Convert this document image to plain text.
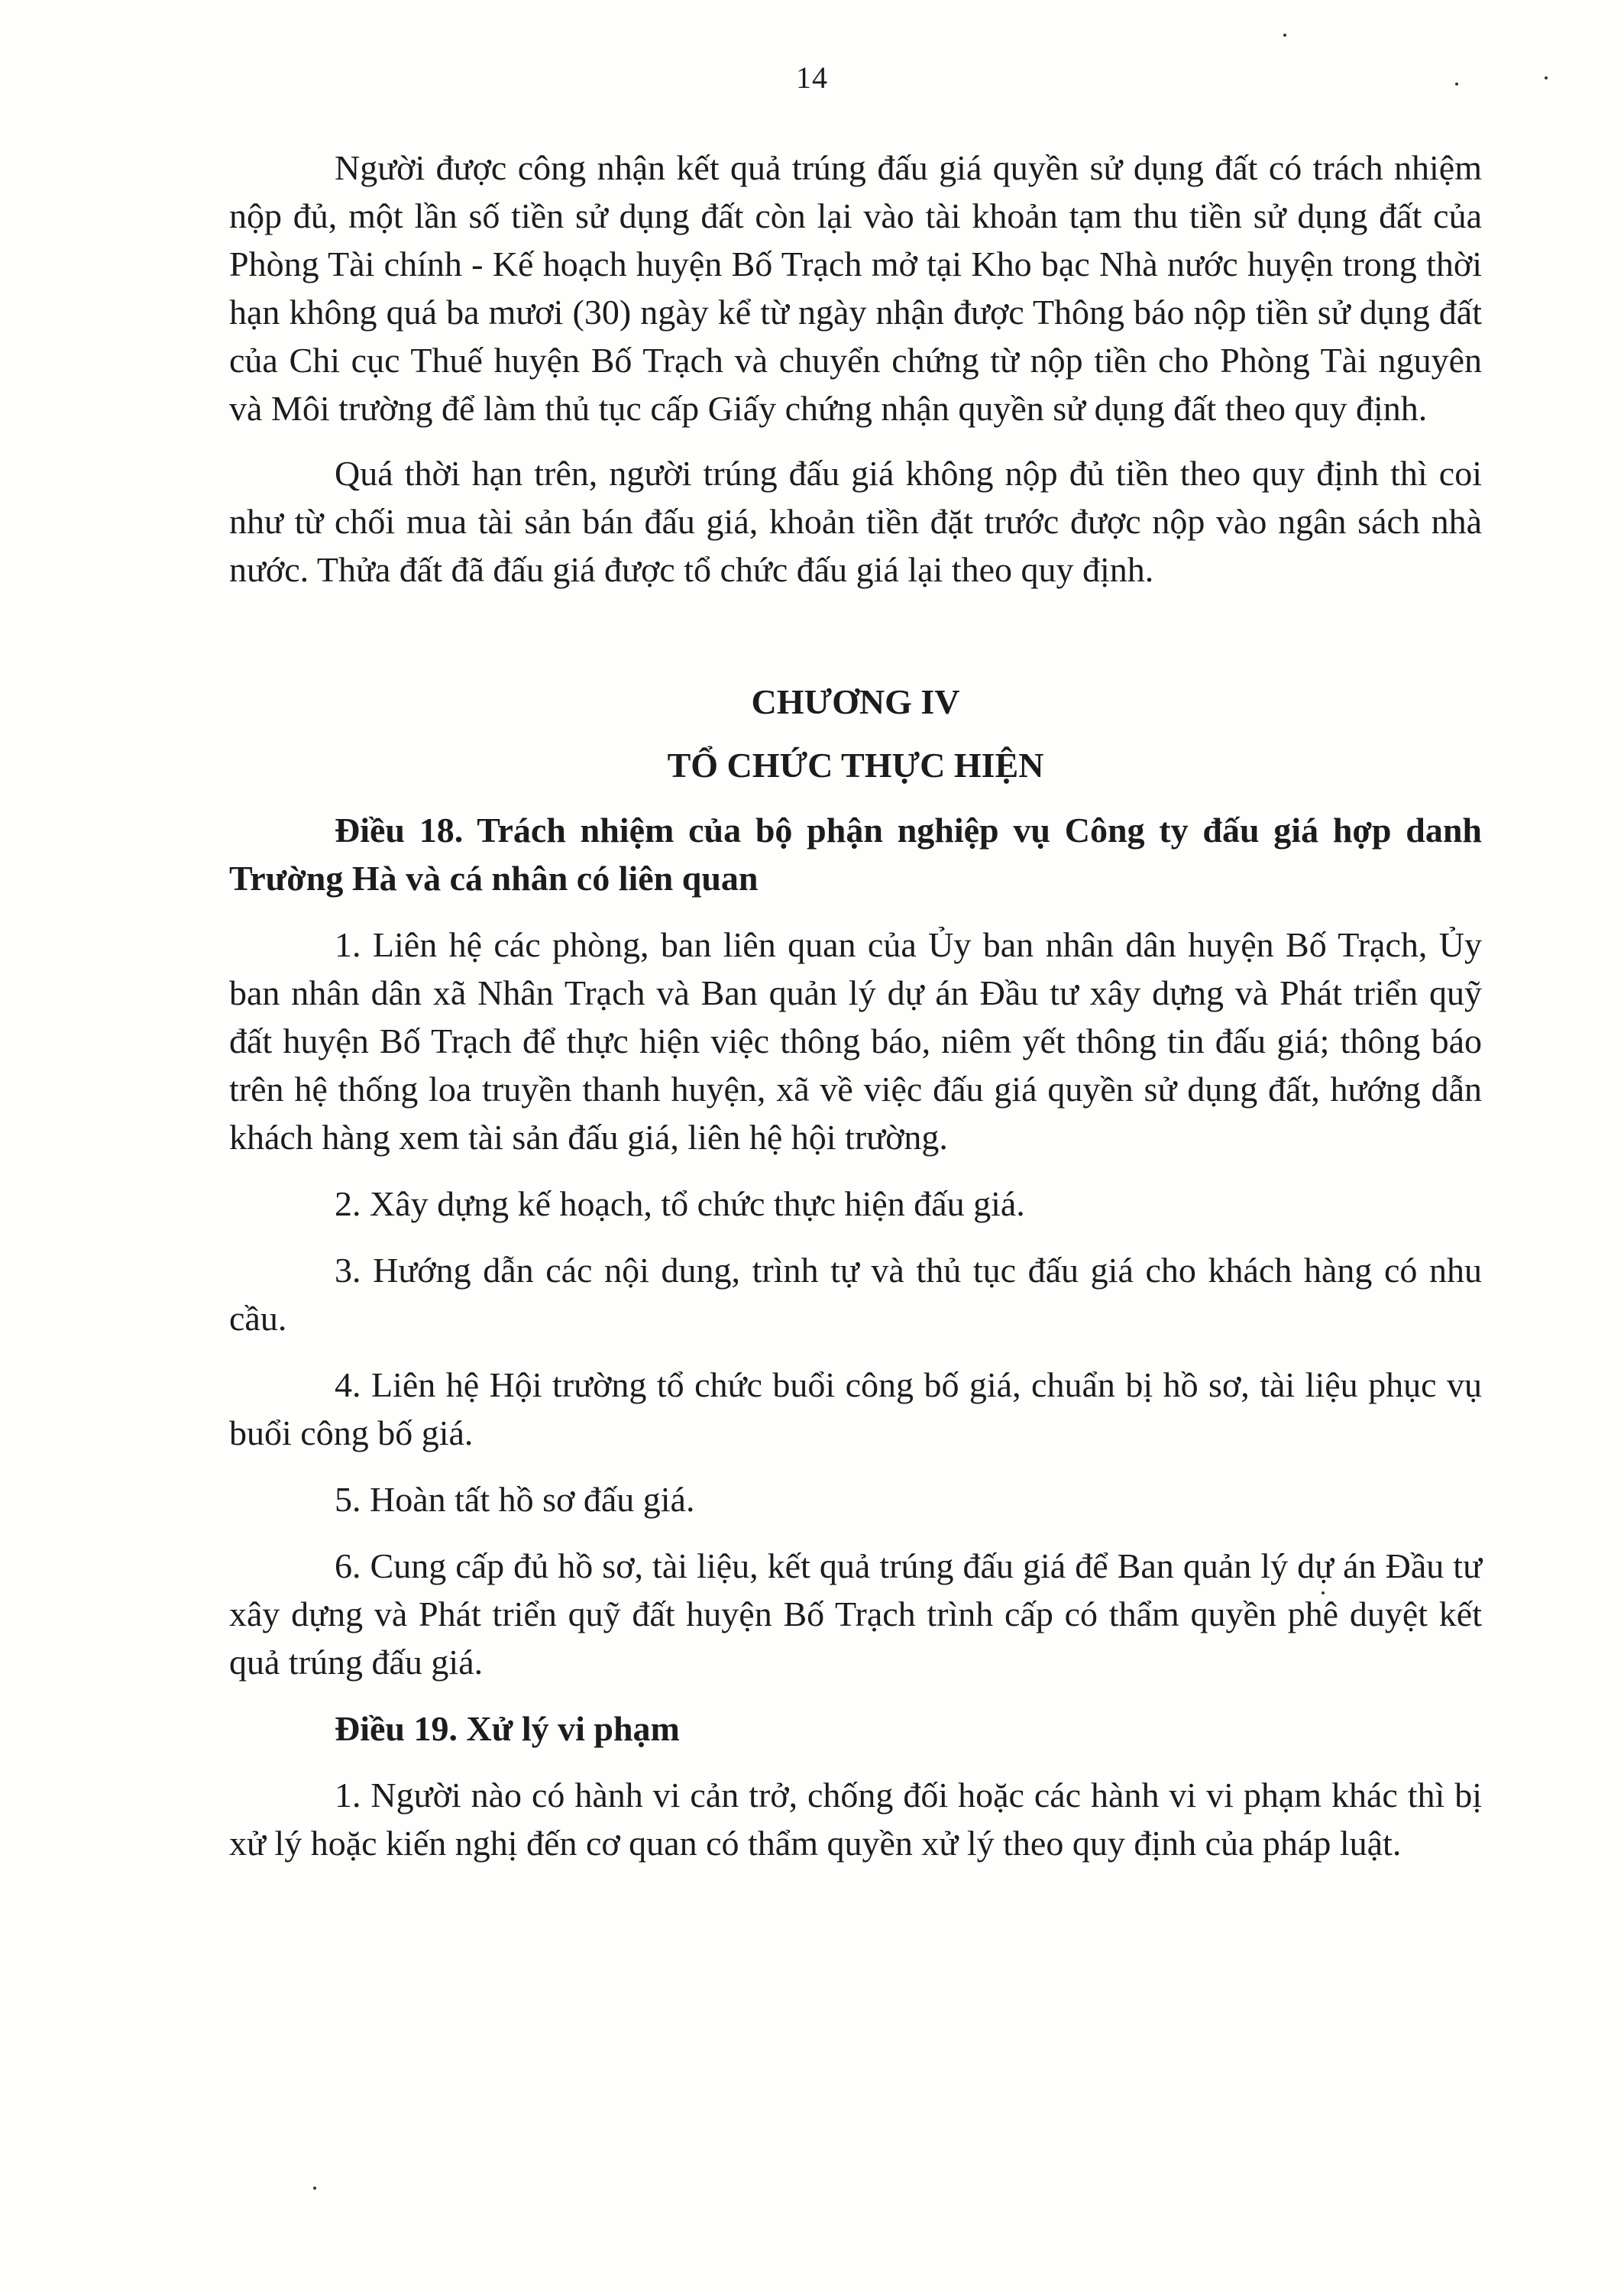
14

Người được công nhận kết quả trúng đấu giá quyền sử dụng đất có trách nhiệm nộp đủ, một lần số tiền sử dụng đất còn lại vào tài khoản tạm thu tiền sử dụng đất của Phòng Tài chính - Kế hoạch huyện Bố Trạch mở tại Kho bạc Nhà nước huyện trong thời hạn không quá ba mươi (30) ngày kể từ ngày nhận được Thông báo nộp tiền sử dụng đất của Chi cục Thuế huyện Bố Trạch và chuyển chứng từ nộp tiền cho Phòng Tài nguyên và Môi trường để làm thủ tục cấp Giấy chứng nhận quyền sử dụng đất theo quy định.

Quá thời hạn trên, người trúng đấu giá không nộp đủ tiền theo quy định thì coi như từ chối mua tài sản bán đấu giá, khoản tiền đặt trước được nộp vào ngân sách nhà nước. Thửa đất đã đấu giá được tổ chức đấu giá lại theo quy định.

CHƯƠNG IV
TỔ CHỨC THỰC HIỆN

Điều 18. Trách nhiệm của bộ phận nghiệp vụ Công ty đấu giá hợp danh Trường Hà và cá nhân có liên quan

1. Liên hệ các phòng, ban liên quan của Ủy ban nhân dân huyện Bố Trạch, Ủy ban nhân dân xã Nhân Trạch và Ban quản lý dự án Đầu tư xây dựng và Phát triển quỹ đất huyện Bố Trạch để thực hiện việc thông báo, niêm yết thông tin đấu giá; thông báo trên hệ thống loa truyền thanh huyện, xã về việc đấu giá quyền sử dụng đất, hướng dẫn khách hàng xem tài sản đấu giá, liên hệ hội trường.

2. Xây dựng kế hoạch, tổ chức thực hiện đấu giá.

3. Hướng dẫn các nội dung, trình tự và thủ tục đấu giá cho khách hàng có nhu cầu.

4. Liên hệ Hội trường tổ chức buổi công bố giá, chuẩn bị hồ sơ, tài liệu phục vụ buổi công bố giá.

5. Hoàn tất hồ sơ đấu giá.

6. Cung cấp đủ hồ sơ, tài liệu, kết quả trúng đấu giá để Ban quản lý dự án Đầu tư xây dựng và Phát triển quỹ đất huyện Bố Trạch trình cấp có thẩm quyền phê duyệt kết quả trúng đấu giá.

Điều 19. Xử lý vi phạm

1. Người nào có hành vi cản trở, chống đối hoặc các hành vi vi phạm khác thì bị xử lý hoặc kiến nghị đến cơ quan có thẩm quyền xử lý theo quy định của pháp luật.
